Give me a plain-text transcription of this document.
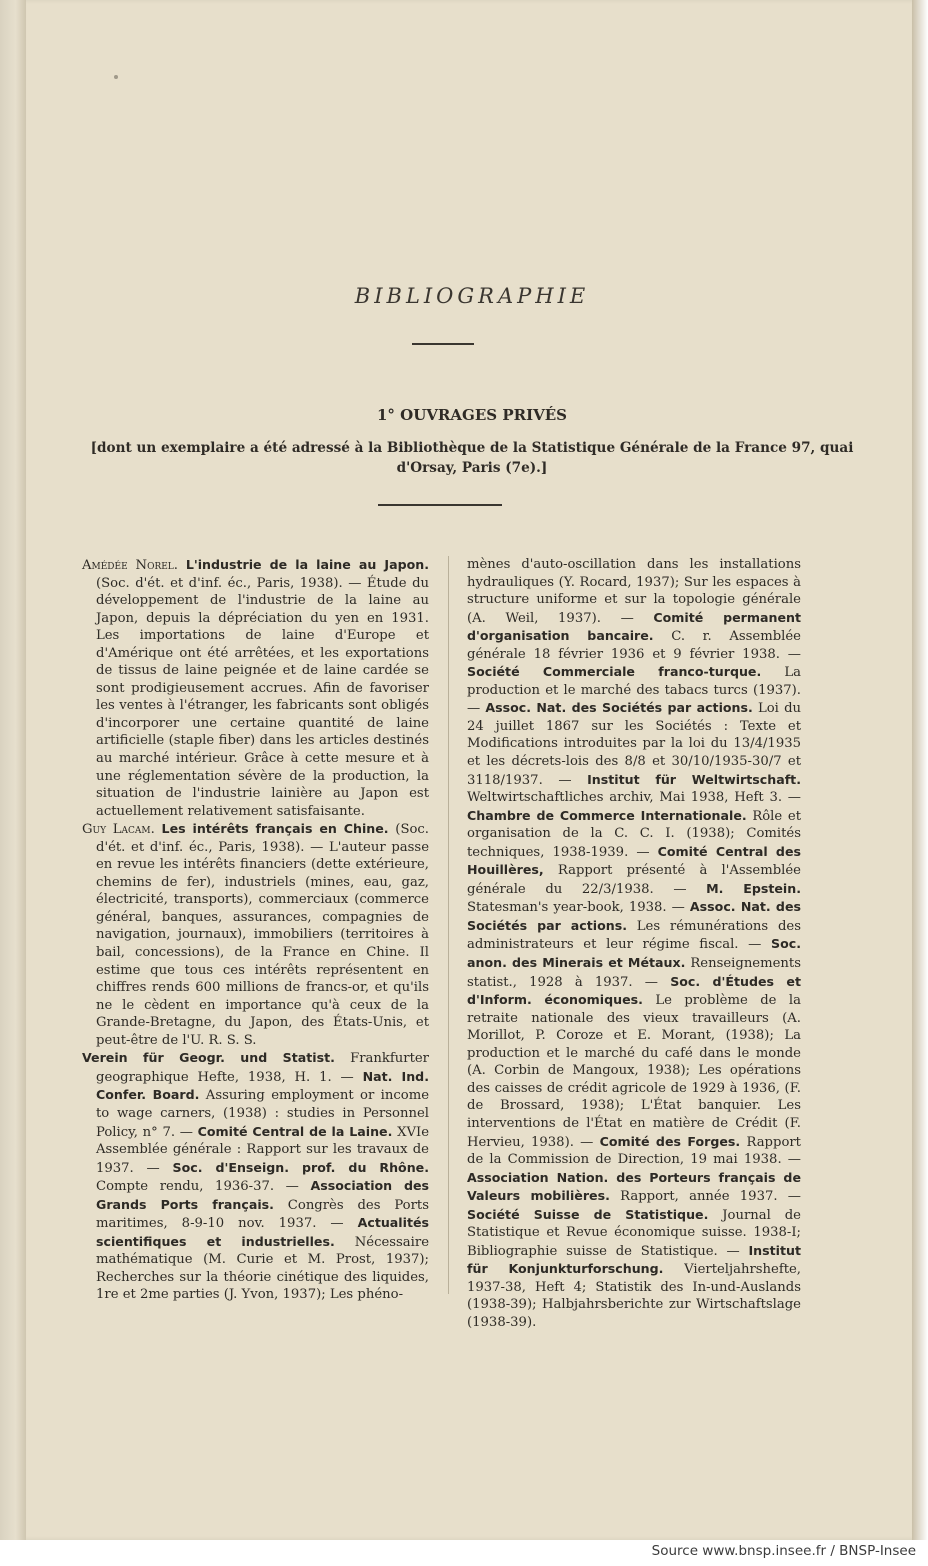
BIBLIOGRAPHIE
1° OUVRAGES PRIVÉS
[dont un exemplaire a été adressé à la Bibliothèque de la Statistique Générale de la France 97, quai d'Orsay, Paris (7e).]

Amédée Norel. L'industrie de la laine au Japon. (Soc. d'ét. et d'inf. éc., Paris, 1938). — Étude du développement de l'industrie de la laine au Japon, depuis la dépréciation du yen en 1931. Les importations de laine d'Europe et d'Amérique ont été arrêtées, et les exportations de tissus de laine peignée et de laine cardée se sont prodigieusement accrues. Afin de favoriser les ventes à l'étranger, les fabricants sont obligés d'incorporer une certaine quantité de laine artificielle (staple fiber) dans les articles destinés au marché intérieur. Grâce à cette mesure et à une réglementation sévère de la production, la situation de l'industrie lainière au Japon est actuellement relativement satisfaisante.

Guy Lacam. Les intérêts français en Chine. (Soc. d'ét. et d'inf. éc., Paris, 1938). — L'auteur passe en revue les intérêts financiers (dette extérieure, chemins de fer), industriels (mines, eau, gaz, électricité, transports), commerciaux (commerce général, banques, assurances, compagnies de navigation, journaux), immobiliers (territoires à bail, concessions), de la France en Chine. Il estime que tous ces intérêts représentent en chiffres rends 600 millions de francs-or, et qu'ils ne le cèdent en importance qu'à ceux de la Grande-Bretagne, du Japon, des États-Unis, et peut-être de l'U. R. S. S.

Verein für Geogr. und Statist. Frankfurter geographique Hefte, 1938, H. 1. — Nat. Ind. Confer. Board. Assuring employment or income to wage carners, (1938) : studies in Personnel Policy, n° 7. — Comité Central de la Laine. XVIe Assemblée générale : Rapport sur les travaux de 1937. — Soc. d'Enseign. prof. du Rhône. Compte rendu, 1936-37. — Association des Grands Ports français. Congrès des Ports maritimes, 8-9-10 nov. 1937. — Actualités scientifiques et industrielles. Nécessaire mathématique (M. Curie et M. Prost, 1937); Recherches sur la théorie cinétique des liquides, 1re et 2me parties (J. Yvon, 1937); Les phéno-

mènes d'auto-oscillation dans les installations hydrauliques (Y. Rocard, 1937); Sur les espaces à structure uniforme et sur la topologie générale (A. Weil, 1937). — Comité permanent d'organisation bancaire. C. r. Assemblée générale 18 février 1936 et 9 février 1938. — Société Commerciale franco-turque. La production et le marché des tabacs turcs (1937). — Assoc. Nat. des Sociétés par actions. Loi du 24 juillet 1867 sur les Sociétés : Texte et Modifications introduites par la loi du 13/4/1935 et les décrets-lois des 8/8 et 30/10/1935-30/7 et 3118/1937. — Institut für Weltwirtschaft. Weltwirtschaftliches archiv, Mai 1938, Heft 3. — Chambre de Commerce Internationale. Rôle et organisation de la C. C. I. (1938); Comités techniques, 1938-1939. — Comité Central des Houillères, Rapport présenté à l'Assemblée générale du 22/3/1938. — M. Epstein. Statesman's year-book, 1938. — Assoc. Nat. des Sociétés par actions. Les rémunérations des administrateurs et leur régime fiscal. — Soc. anon. des Minerais et Métaux. Renseignements statist., 1928 à 1937. — Soc. d'Études et d'Inform. économiques. Le problème de la retraite nationale des vieux travailleurs (A. Morillot, P. Coroze et E. Morant, (1938); La production et le marché du café dans le monde (A. Corbin de Mangoux, 1938); Les opérations des caisses de crédit agricole de 1929 à 1936, (F. de Brossard, 1938); L'État banquier. Les interventions de l'État en matière de Crédit (F. Hervieu, 1938). — Comité des Forges. Rapport de la Commission de Direction, 19 mai 1938. — Association Nation. des Porteurs français de Valeurs mobilières. Rapport, année 1937. — Société Suisse de Statistique. Journal de Statistique et Revue économique suisse. 1938-I; Bibliographie suisse de Statistique. — Institut für Konjunkturforschung. Vierteljahrshefte, 1937-38, Heft 4; Statistik des In-und-Auslands (1938-39); Halbjahrsberichte zur Wirtschaftslage (1938-39).

Source www.bnsp.insee.fr / BNSP-Insee
